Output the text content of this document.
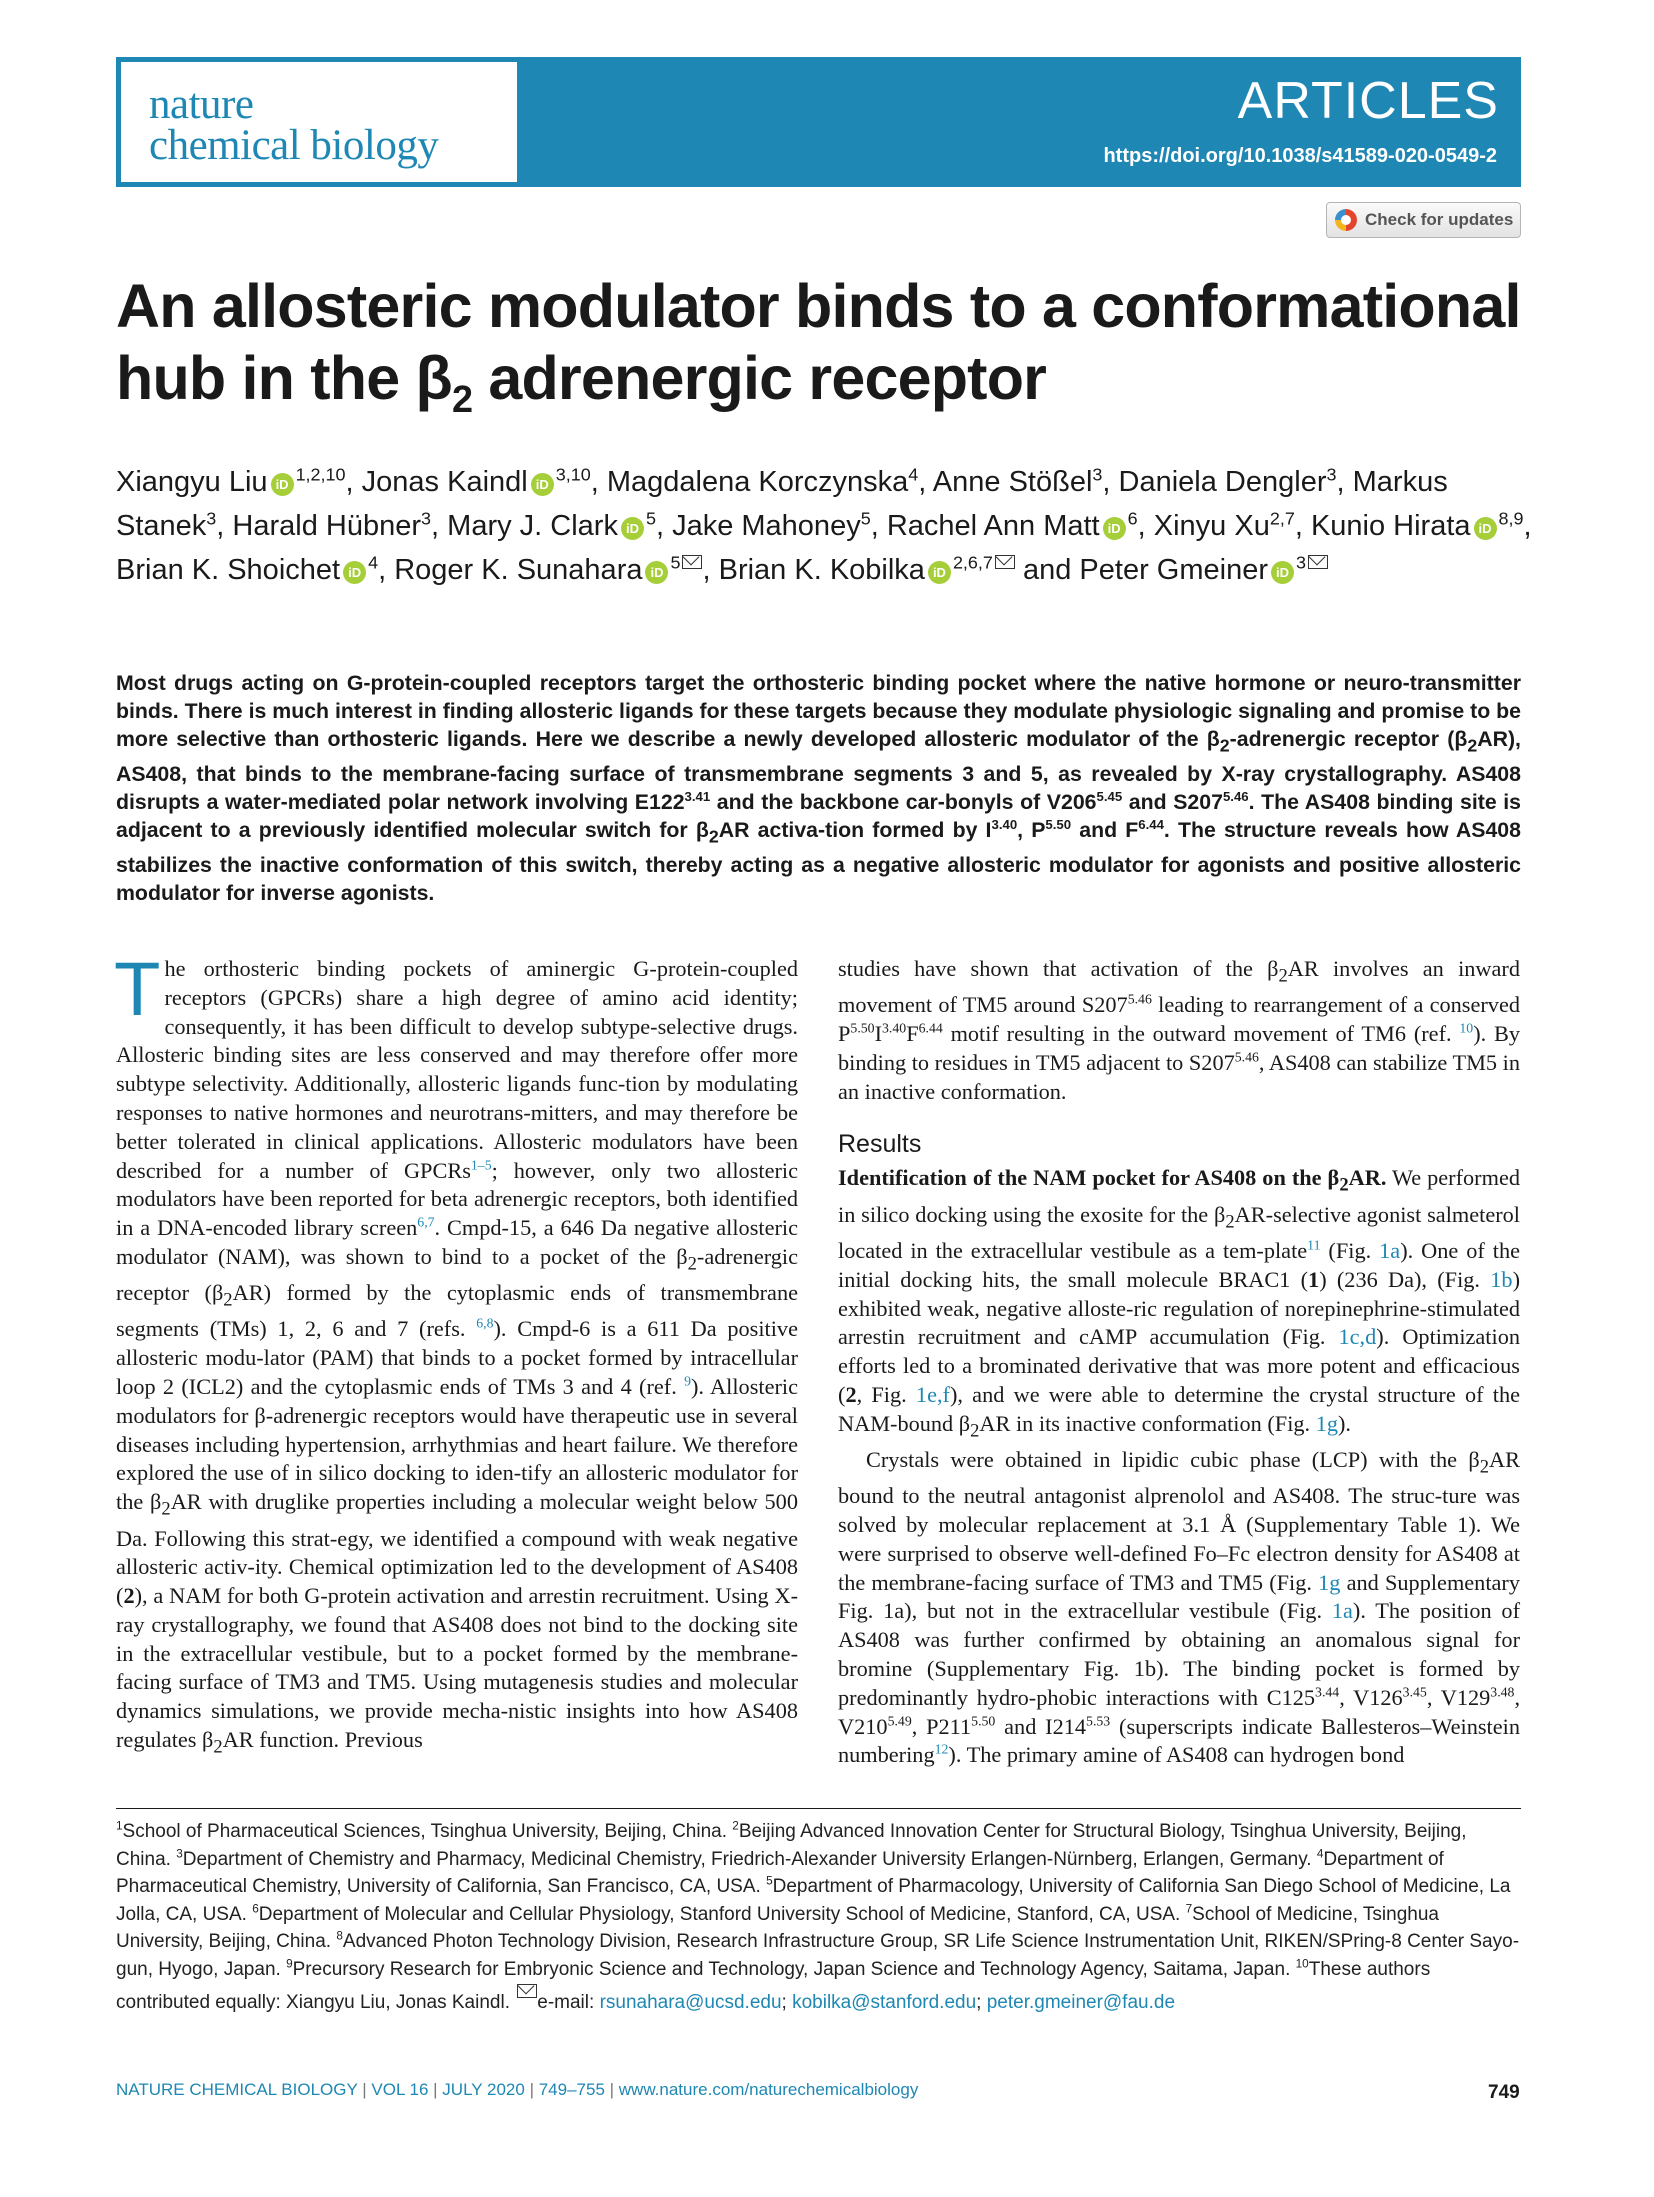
nature
chemical biology
ARTICLES
https://doi.org/10.1038/s41589-020-0549-2
Check for updates
An allosteric modulator binds to a conformational
hub in the $\beta_2$ adrenergic receptor
Xiangyu Liu iD$^{1,2,10}$, Jonas Kaindl iD$^{3,10}$, Magdalena Korczynska$^4$, Anne Stößel$^3$, Daniela Dengler$^3$, Markus Stanek$^3$, Harald Hübner$^3$, Mary J. Clark $iD^5$, Jake Mahoney$^5$, Rachel Ann Matt $iD^6$, Xinyu Xu$^{2,7}$, Kunio Hirata iD$^{8,9}$, Brian K. Shoichet $iD^4$, Roger K. Sunahara $iD^5$ , Brian K. Kobilka iD$^{2,6,7}$ and Peter Gmeiner $iD^3$
Most drugs acting on G-protein-coupled receptors target the orthosteric binding pocket where the native hormone or neuro-transmitter binds. There is much interest in finding allosteric ligands for these targets because they modulate physiologic signaling and promise to be more selective than orthosteric ligands. Here we describe a newly developed allosteric modulator of the $\beta_2$-adrenergic receptor $(\beta_2AR)$, AS408, that binds to the membrane-facing surface of transmembrane segments 3 and 5, as revealed by X-ray crystallography. AS408 disrupts a water-mediated polar network involving $E122^{3.41}$ and the backbone car-bonyls of $V206^{5.45}$ and $S207^{5.46}$. The AS408 binding site is adjacent to a previously identified molecular switch for $\beta_2AR$ activa-tion formed by $I^{3.40}$, $P^{5.50}$ and $F^{6.44}$. The structure reveals how AS408 stabilizes the inactive conformation of this switch, thereby acting as a negative allosteric modulator for agonists and positive allosteric modulator for inverse agonists.

The orthosteric binding pockets of aminergic G-protein-coupled receptors (GPCRs) share a high degree of amino acid identity; consequently, it has been difficult to develop subtype-selective drugs. Allosteric binding sites are less conserved and may therefore offer more subtype selectivity. Additionally, allosteric ligands func-tion by modulating responses to native hormones and neurotrans-mitters, and may therefore be better tolerated in clinical applications. Allosteric modulators have been described for a number of GPCRs$^{1-5}$; however, only two allosteric modulators have been reported for beta adrenergic receptors, both identified in a DNA-encoded library screen$^{6,7}$. Cmpd-15, a 646 Da negative allosteric modulator (NAM), was shown to bind to a pocket of the $\beta_2$-adrenergic receptor $(\beta_2AR)$ formed by the cytoplasmic ends of transmembrane segments (TMs) 1, 2, 6 and 7 (refs. $^{6,8}$). Cmpd-6 is a 611 Da positive allosteric modu-lator (PAM) that binds to a pocket formed by intracellular loop 2 (ICL2) and the cytoplasmic ends of TMs 3 and 4 (ref. $^9$). Allosteric modulators for β-adrenergic receptors would have therapeutic use in several diseases including hypertension, arrhythmias and heart failure. We therefore explored the use of in silico docking to iden-tify an allosteric modulator for the $\beta_2AR$ with druglike properties including a molecular weight below 500 Da. Following this strat-egy, we identified a compound with weak negative allosteric activ-ity. Chemical optimization led to the development of AS408 (2), a NAM for both G-protein activation and arrestin recruitment. Using X-ray crystallography, we found that AS408 does not bind to the docking site in the extracellular vestibule, but to a pocket formed by the membrane-facing surface of TM3 and TM5. Using mutagenesis studies and molecular dynamics simulations, we provide mecha-nistic insights into how AS408 regulates $\beta_2AR$ function. Previous

studies have shown that activation of the $\beta_2AR$ involves an inward movement of TM5 around $S207^{5.46}$ leading to rearrangement of a conserved $P^{5.50}I^{3.40}F^{6.44}$ motif resulting in the outward movement of TM6 (ref. $^{10}$). By binding to residues in TM5 adjacent to $S207^{5.46}$, AS408 can stabilize TM5 in an inactive conformation.

Results

Identification of the NAM pocket for AS408 on the $\beta_2AR$. We performed in silico docking using the exosite for the $\beta_2AR$-selective agonist salmeterol located in the extracellular vestibule as a tem-plate$^{11}$ (Fig. 1a). One of the initial docking hits, the small molecule BRAC1 (1) (236 Da), (Fig. 1b) exhibited weak, negative alloste-ric regulation of norepinephrine-stimulated arrestin recruitment and cAMP accumulation (Fig. 1c,d). Optimization efforts led to a brominated derivative that was more potent and efficacious (2, Fig. 1e,f), and we were able to determine the crystal structure of the NAM-bound $\beta_2AR$ in its inactive conformation (Fig. 1g).

Crystals were obtained in lipidic cubic phase (LCP) with the $\beta_2AR$ bound to the neutral antagonist alprenolol and AS408. The struc-ture was solved by molecular replacement at 3.1 Å (Supplementary Table 1). We were surprised to observe well-defined Fo–Fc electron density for AS408 at the membrane-facing surface of TM3 and TM5 (Fig. 1g and Supplementary Fig. 1a), but not in the extracellular vestibule (Fig. 1a). The position of AS408 was further confirmed by obtaining an anomalous signal for bromine (Supplementary Fig. 1b). The binding pocket is formed by predominantly hydro-phobic interactions with $C125^{3.44}$, $V126^{3.45}$, $V129^{3.48}$, $V210^{5.49}$, $P211^{5.50}$ and $I214^{5.53}$ (superscripts indicate Ballesteros–Weinstein numbering$^{12}$). The primary amine of AS408 can hydrogen bond

$^1$School of Pharmaceutical Sciences, Tsinghua University, Beijing, China. $^2$Beijing Advanced Innovation Center for Structural Biology, Tsinghua University, Beijing, China. $^3$Department of Chemistry and Pharmacy, Medicinal Chemistry, Friedrich-Alexander University Erlangen-Nürnberg, Erlangen, Germany. $^4$Department of Pharmaceutical Chemistry, University of California, San Francisco, CA, USA. $^5$Department of Pharmacology, University of California San Diego School of Medicine, La Jolla, CA, USA. $^6$Department of Molecular and Cellular Physiology, Stanford University School of Medicine, Stanford, CA, USA. $^7$School of Medicine, Tsinghua University, Beijing, China. $^8$Advanced Photon Technology Division, Research Infrastructure Group, SR Life Science Instrumentation Unit, RIKEN/SPring-8 Center Sayo-gun, Hyogo, Japan. $^9$Precursory Research for Embryonic Science and Technology, Japan Science and Technology Agency, Saitama, Japan. $^{10}$These authors contributed equally: Xiangyu Liu, Jonas Kaindl. e-mail: rsunahara@ucsd.edu; kobilka@stanford.edu; peter.gmeiner@fau.de
NATURE CHEMICAL BIOLOGY | VOL 16 | JULY 2020 | 749–755 | www.nature.com/naturechemicalbiology	749
